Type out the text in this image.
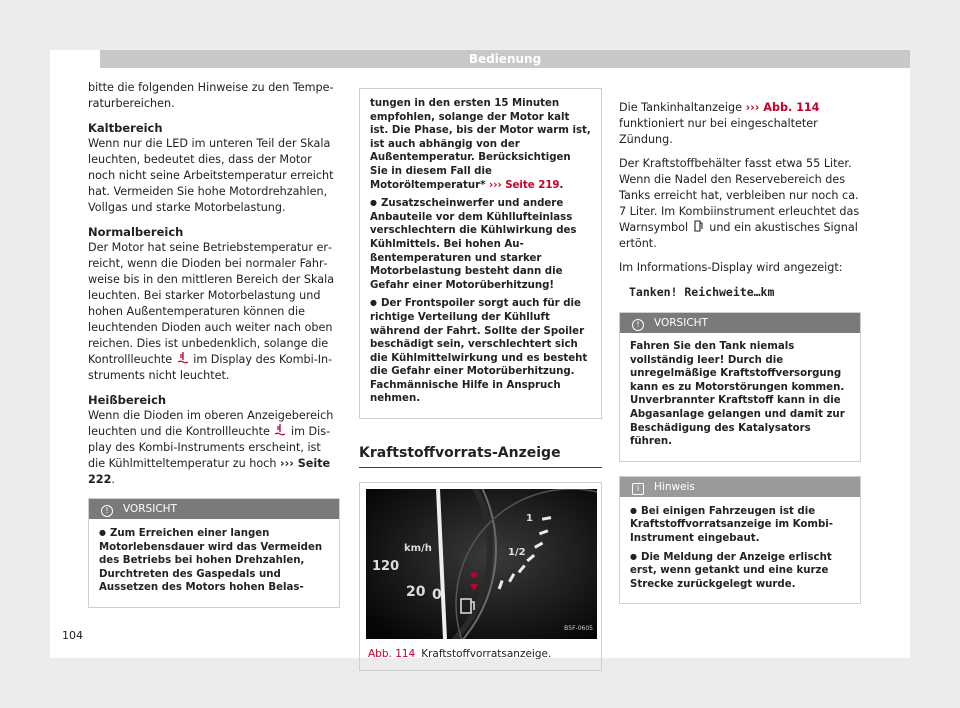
Bedienung

bitte die folgenden Hinweise zu den Temperaturbereichen.

Kaltbereich

Wenn nur die LED im unteren Teil der Skala leuchten, bedeutet dies, dass der Motor noch nicht seine Arbeitstemperatur erreicht hat. Vermeiden Sie hohe Motordrehzahlen, Vollgas und starke Motorbelastung.

Normalbereich

Der Motor hat seine Betriebstemperatur erreicht, wenn die Dioden bei normaler Fahrweise bis in den mittleren Bereich der Skala leuchten. Bei starker Motorbelastung und hohen Außentemperaturen können die leuchtenden Dioden auch weiter nach oben reichen. Dies ist unbedenklich, solange die Kontrollleuchte im Display des Kombi-Instruments nicht leuchtet.

Heißbereich

Wenn die Dioden im oberen Anzeigebereich leuchten und die Kontrollleuchte im Display des Kombi-Instruments erscheint, ist die Kühlmitteltemperatur zu hoch ››› Seite 222.

! VORSICHT

● Zum Erreichen einer langen Motorlebensdauer wird das Vermeiden des Betriebs bei hohen Drehzahlen, Durchtreten des Gaspedals und Aussetzen des Motors hohen Belas-

tungen in den ersten 15 Minuten empfohlen, solange der Motor kalt ist. Die Phase, bis der Motor warm ist, ist auch abhängig von der Außentemperatur. Berücksichtigen Sie in diesem Fall die Motoröltemperatur* ››› Seite 219.

● Zusatzscheinwerfer und andere Anbauteile vor dem Kühllufteinlass verschlechtern die Kühlwirkung des Kühlmittels. Bei hohen Außentemperaturen und starker Motorbelastung besteht dann die Gefahr einer Motorüberhitzung!

● Der Frontspoiler sorgt auch für die richtige Verteilung der Kühlluft während der Fahrt. Sollte der Spoiler beschädigt sein, verschlechtert sich die Kühlmittelwirkung und es besteht die Gefahr einer Motorüberhitzung. Fachmännische Hilfe in Anspruch nehmen.

Kraftstoffvorrats-Anzeige
km/h
120
20 0
1
1/2
B5F-0605
Abb. 114 Kraftstoffvorratsanzeige.

Die Tankinhaltanzeige ››› Abb. 114 funktioniert nur bei eingeschalteter Zündung.

Der Kraftstoffbehälter fasst etwa 55 Liter. Wenn die Nadel den Reservebereich des Tanks erreicht hat, verbleiben nur noch ca. 7 Liter. Im Kombiinstrument erleuchtet das Warnsymbol und ein akustisches Signal ertönt.

Im Informations-Display wird angezeigt:

Tanken! Reichweite…km

! VORSICHT

Fahren Sie den Tank niemals vollständig leer! Durch die unregelmäßige Kraftstoffversorgung kann es zu Motorstörungen kommen. Unverbrannter Kraftstoff kann in die Abgasanlage gelangen und damit zur Beschädigung des Katalysators führen.

i Hinweis

● Bei einigen Fahrzeugen ist die Kraftstoffvorratsanzeige im Kombi-Instrument eingebaut.

● Die Meldung der Anzeige erlischt erst, wenn getankt und eine kurze Strecke zurückgelegt wurde.

104
